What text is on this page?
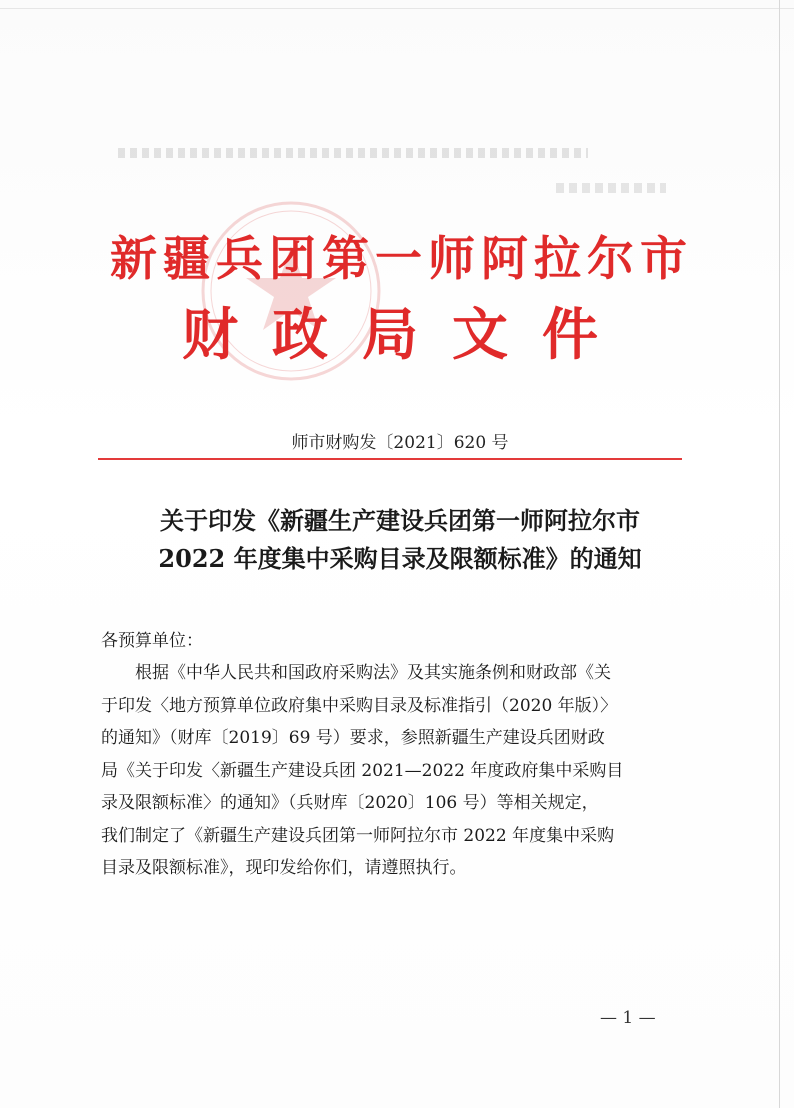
新疆兵团第一师阿拉尔市
财政局文件
师市财购发〔2021〕620 号
关于印发《新疆生产建设兵团第一师阿拉尔市
2022 年度集中采购目录及限额标准》的通知
各预算单位：
根据《中华人民共和国政府采购法》及其实施条例和财政部《关
于印发〈地方预算单位政府集中采购目录及标准指引（2020 年版）〉
的通知》（财库〔2019〕69 号）要求，参照新疆生产建设兵团财政
局《关于印发〈新疆生产建设兵团 2021—2022 年度政府集中采购目
录及限额标准〉的通知》（兵财库〔2020〕106 号）等相关规定，
我们制定了《新疆生产建设兵团第一师阿拉尔市 2022 年度集中采购
目录及限额标准》，现印发给你们，请遵照执行。
— 1 —
